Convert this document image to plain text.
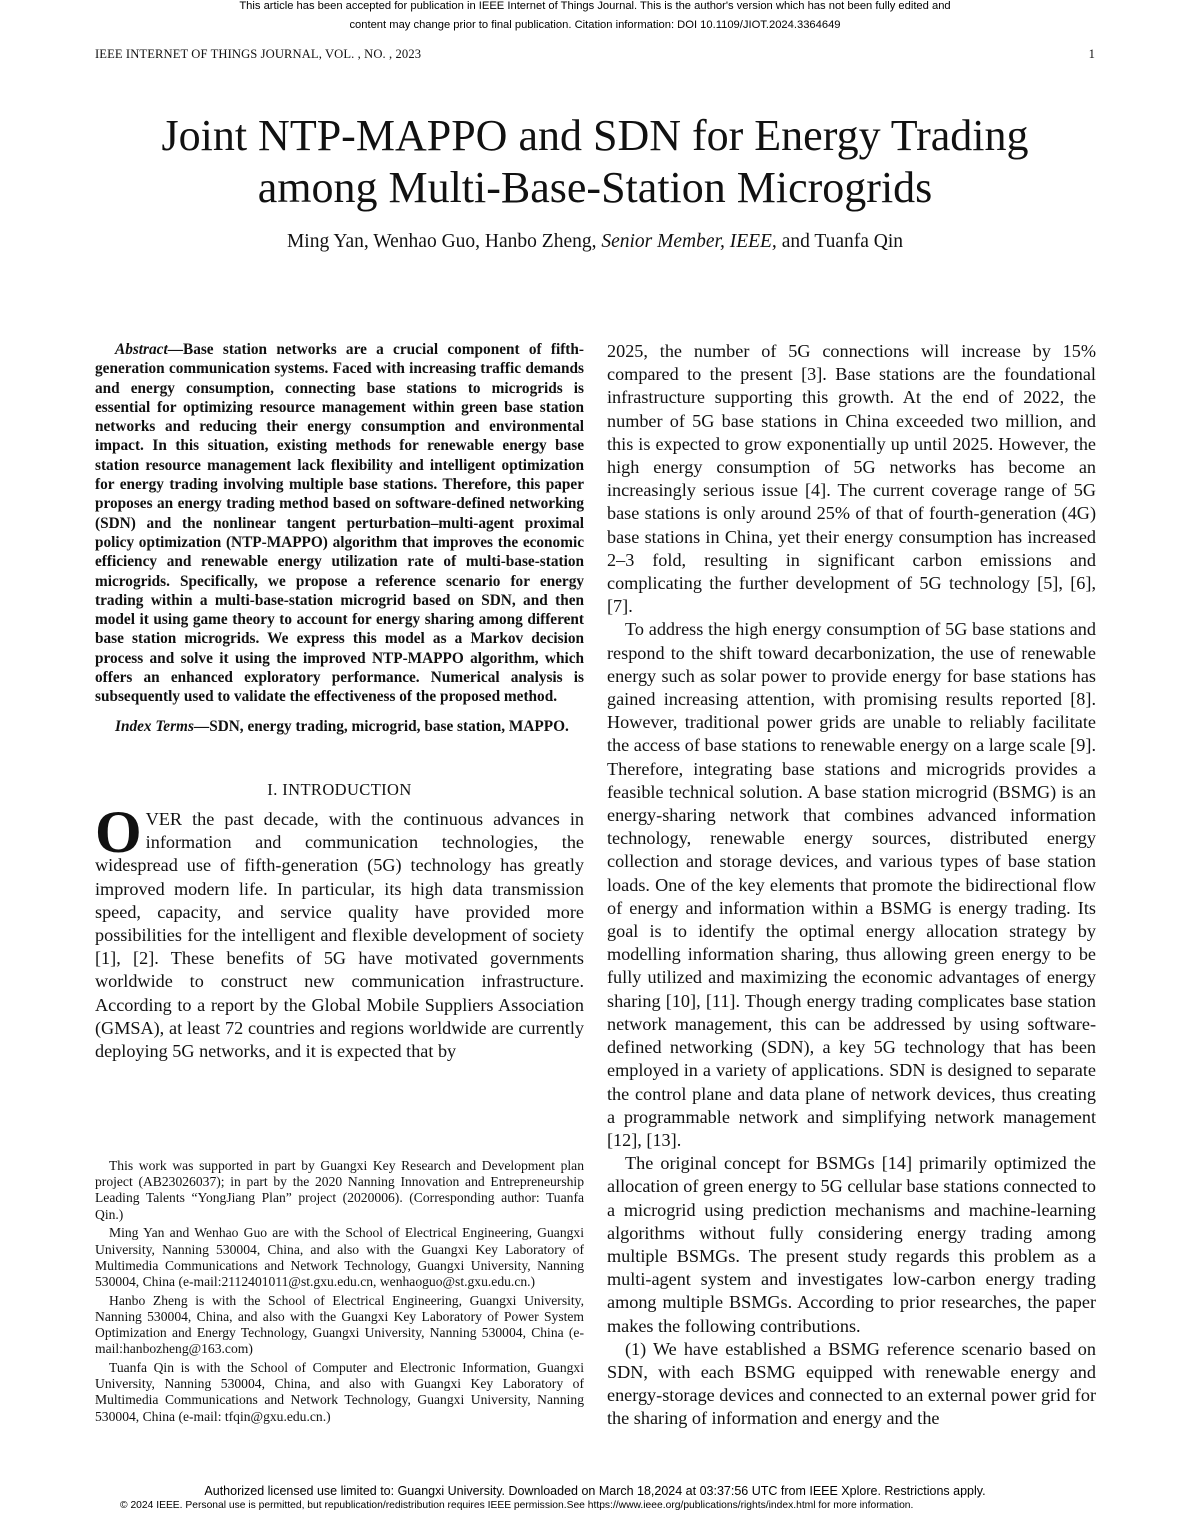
This article has been accepted for publication in IEEE Internet of Things Journal. This is the author's version which has not been fully edited and
content may change prior to final publication. Citation information: DOI 10.1109/JIOT.2024.3364649
IEEE INTERNET OF THINGS JOURNAL, VOL. , NO. , 2023	1
Joint NTP-MAPPO and SDN for Energy Trading
among Multi-Base-Station Microgrids
Ming Yan, Wenhao Guo, Hanbo Zheng, Senior Member, IEEE, and Tuanfa Qin

Abstract—Base station networks are a crucial component of fifth-generation communication systems. Faced with increasing traffic demands and energy consumption, connecting base stations to microgrids is essential for optimizing resource management within green base station networks and reducing their energy consumption and environmental impact. In this situation, existing methods for renewable energy base station resource management lack flexibility and intelligent optimization for energy trading involving multiple base stations. Therefore, this paper proposes an energy trading method based on software-defined networking (SDN) and the nonlinear tangent perturbation–multi-agent proximal policy optimization (NTP-MAPPO) algorithm that improves the economic efficiency and renewable energy utilization rate of multi-base-station microgrids. Specifically, we propose a reference scenario for energy trading within a multi-base-station microgrid based on SDN, and then model it using game theory to account for energy sharing among different base station microgrids. We express this model as a Markov decision process and solve it using the improved NTP-MAPPO algorithm, which offers an enhanced exploratory performance. Numerical analysis is subsequently used to validate the effectiveness of the proposed method.

Index Terms—SDN, energy trading, microgrid, base station, MAPPO.

I. INTRODUCTION

OVER the past decade, with the continuous advances in information and communication technologies, the widespread use of fifth-generation (5G) technology has greatly improved modern life. In particular, its high data transmission speed, capacity, and service quality have provided more possibilities for the intelligent and flexible development of society [1], [2]. These benefits of 5G have motivated governments worldwide to construct new communication infrastructure. According to a report by the Global Mobile Suppliers Association (GMSA), at least 72 countries and regions worldwide are currently deploying 5G networks, and it is expected that by

This work was supported in part by Guangxi Key Research and Development plan project (AB23026037); in part by the 2020 Nanning Innovation and Entrepreneurship Leading Talents “YongJiang Plan” project (2020006). (Corresponding author: Tuanfa Qin.)

Ming Yan and Wenhao Guo are with the School of Electrical Engineering, Guangxi University, Nanning 530004, China, and also with the Guangxi Key Laboratory of Multimedia Communications and Network Technology, Guangxi University, Nanning 530004, China (e-mail:2112401011@st.gxu.edu.cn, wenhaoguo@st.gxu.edu.cn.)

Hanbo Zheng is with the School of Electrical Engineering, Guangxi University, Nanning 530004, China, and also with the Guangxi Key Laboratory of Power System Optimization and Energy Technology, Guangxi University, Nanning 530004, China (e-mail:hanbozheng@163.com)

Tuanfa Qin is with the School of Computer and Electronic Information, Guangxi University, Nanning 530004, China, and also with Guangxi Key Laboratory of Multimedia Communications and Network Technology, Guangxi University, Nanning 530004, China (e-mail: tfqin@gxu.edu.cn.)

2025, the number of 5G connections will increase by 15% compared to the present [3]. Base stations are the foundational infrastructure supporting this growth. At the end of 2022, the number of 5G base stations in China exceeded two million, and this is expected to grow exponentially up until 2025. However, the high energy consumption of 5G networks has become an increasingly serious issue [4]. The current coverage range of 5G base stations is only around 25% of that of fourth-generation (4G) base stations in China, yet their energy consumption has increased 2–3 fold, resulting in significant carbon emissions and complicating the further development of 5G technology [5], [6], [7].

To address the high energy consumption of 5G base stations and respond to the shift toward decarbonization, the use of renewable energy such as solar power to provide energy for base stations has gained increasing attention, with promising results reported [8]. However, traditional power grids are unable to reliably facilitate the access of base stations to renewable energy on a large scale [9]. Therefore, integrating base stations and microgrids provides a feasible technical solution. A base station microgrid (BSMG) is an energy-sharing network that combines advanced information technology, renewable energy sources, distributed energy collection and storage devices, and various types of base station loads. One of the key elements that promote the bidirectional flow of energy and information within a BSMG is energy trading. Its goal is to identify the optimal energy allocation strategy by modelling information sharing, thus allowing green energy to be fully utilized and maximizing the economic advantages of energy sharing [10], [11]. Though energy trading complicates base station network management, this can be addressed by using software-defined networking (SDN), a key 5G technology that has been employed in a variety of applications. SDN is designed to separate the control plane and data plane of network devices, thus creating a programmable network and simplifying network management [12], [13].

The original concept for BSMGs [14] primarily optimized the allocation of green energy to 5G cellular base stations connected to a microgrid using prediction mechanisms and machine-learning algorithms without fully considering energy trading among multiple BSMGs. The present study regards this problem as a multi-agent system and investigates low-carbon energy trading among multiple BSMGs. According to prior researches, the paper makes the following contributions.

(1) We have established a BSMG reference scenario based on SDN, with each BSMG equipped with renewable energy and energy-storage devices and connected to an external power grid for the sharing of information and energy and the

Authorized licensed use limited to: Guangxi University. Downloaded on March 18,2024 at 03:37:56 UTC from IEEE Xplore. Restrictions apply.
© 2024 IEEE. Personal use is permitted, but republication/redistribution requires IEEE permission.See https://www.ieee.org/publications/rights/index.html for more information.
